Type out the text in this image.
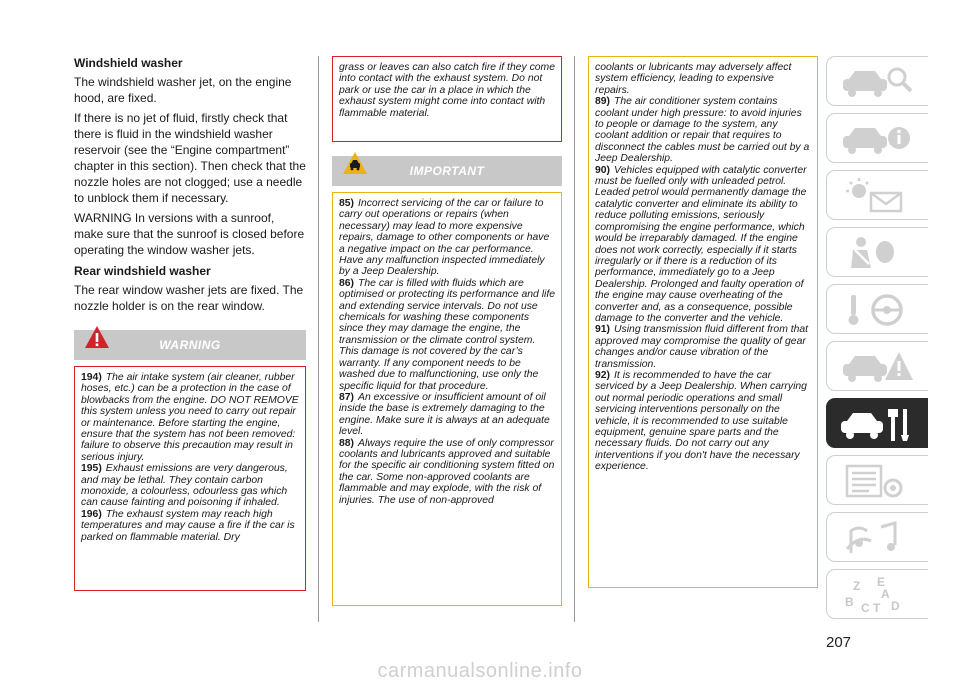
Windshield washer
The windshield washer jet, on the engine hood, are fixed.
If there is no jet of fluid, firstly check that there is fluid in the windshield washer reservoir (see the “Engine compartment” chapter in this section). Then check that the nozzle holes are not clogged; use a needle to unblock them if necessary.
WARNING In versions with a sunroof, make sure that the sunroof is closed before operating the window washer jets.
Rear windshield washer
The rear window washer jets are fixed. The nozzle holder is on the rear window.
WARNING
194) The air intake system (air cleaner, rubber hoses, etc.) can be a protection in the case of blowbacks from the engine. DO NOT REMOVE this system unless you need to carry out repair or maintenance. Before starting the engine, ensure that the system has not been removed: failure to observe this precaution may result in serious injury.
195) Exhaust emissions are very dangerous, and may be lethal. They contain carbon monoxide, a colourless, odourless gas which can cause fainting and poisoning if inhaled.
196) The exhaust system may reach high temperatures and may cause a fire if the car is parked on flammable material. Dry
grass or leaves can also catch fire if they come into contact with the exhaust system. Do not park or use the car in a place in which the exhaust system might come into contact with flammable material.
IMPORTANT
85) Incorrect servicing of the car or failure to carry out operations or repairs (when necessary) may lead to more expensive repairs, damage to other components or have a negative impact on the car performance. Have any malfunction inspected immediately by a Jeep Dealership.
86) The car is filled with fluids which are optimised or protecting its performance and life and extending service intervals. Do not use chemicals for washing these components since they may damage the engine, the transmission or the climate control system. This damage is not covered by the car’s warranty. If any component needs to be washed due to malfunctioning, use only the specific liquid for that procedure.
87) An excessive or insufficient amount of oil inside the base is extremely damaging to the engine. Make sure it is always at an adequate level.
88) Always require the use of only compressor coolants and lubricants approved and suitable for the specific air conditioning system fitted on the car. Some non-approved coolants are flammable and may explode, with the risk of injuries. The use of non-approved
coolants or lubricants may adversely affect system efficiency, leading to expensive repairs.
89) The air conditioner system contains coolant under high pressure: to avoid injuries to people or damage to the system, any coolant addition or repair that requires to disconnect the cables must be carried out by a Jeep Dealership.
90) Vehicles equipped with catalytic converter must be fuelled only with unleaded petrol. Leaded petrol would permanently damage the catalytic converter and eliminate its ability to reduce polluting emissions, seriously compromising the engine performance, which would be irreparably damaged. If the engine does not work correctly, especially if it starts irregularly or if there is a reduction of its performance, immediately go to a Jeep Dealership. Prolonged and faulty operation of the engine may cause overheating of the converter and, as a consequence, possible damage to the converter and the vehicle.
91) Using transmission fluid different from that approved may compromise the quality of gear changes and/or cause vibration of the transmission.
92) It is recommended to have the car serviced by a Jeep Dealership. When carrying out normal periodic operations and small servicing interventions personally on the vehicle, it is recommended to use suitable equipment, genuine spare parts and the necessary fluids. Do not carry out any interventions if you don't have the necessary experience.
Z E
A
B C T D
207
carmanualsonline.info
